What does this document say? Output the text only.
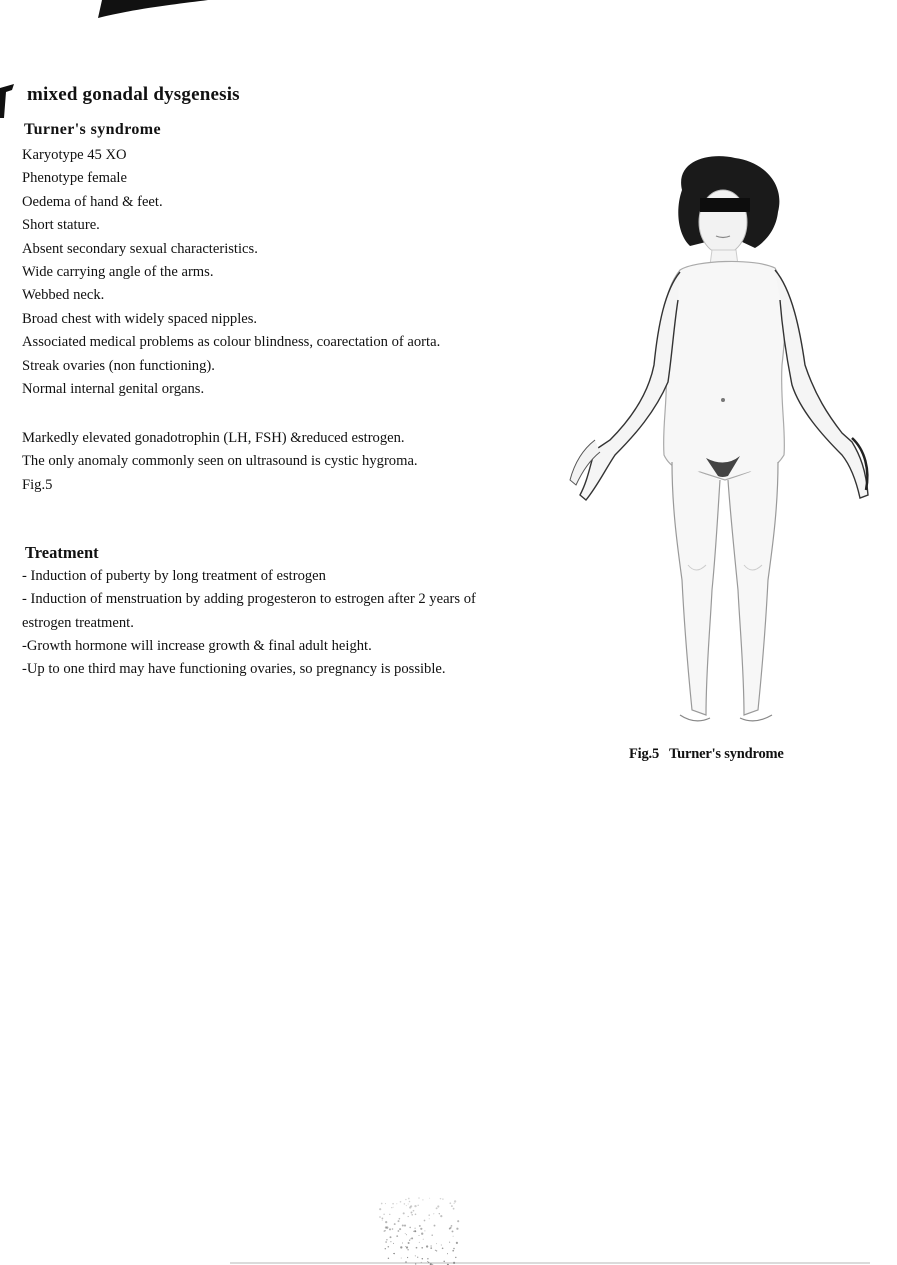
mixed gonadal dysgenesis
Turner's syndrome
Karyotype 45 XO
Phenotype female
Oedema of hand & feet.
Short stature.
Absent secondary sexual characteristics.
Wide carrying angle of the arms.
Webbed neck.
Broad chest with widely spaced nipples.
Associated medical problems as colour blindness, coarectation of aorta.
Streak ovaries (non functioning).
Normal internal genital organs.
Markedly elevated gonadotrophin (LH, FSH) &reduced estrogen.
The only anomaly commonly seen on ultrasound is cystic hygroma.
Fig.5
Treatment
- Induction of puberty by long treatment of estrogen
- Induction of menstruation by adding progesteron to estrogen after 2 years of
estrogen treatment.
-Growth hormone will increase growth & final adult height.
-Up to one third may have functioning ovaries, so pregnancy is possible.
Fig.5 Turner's syndrome
